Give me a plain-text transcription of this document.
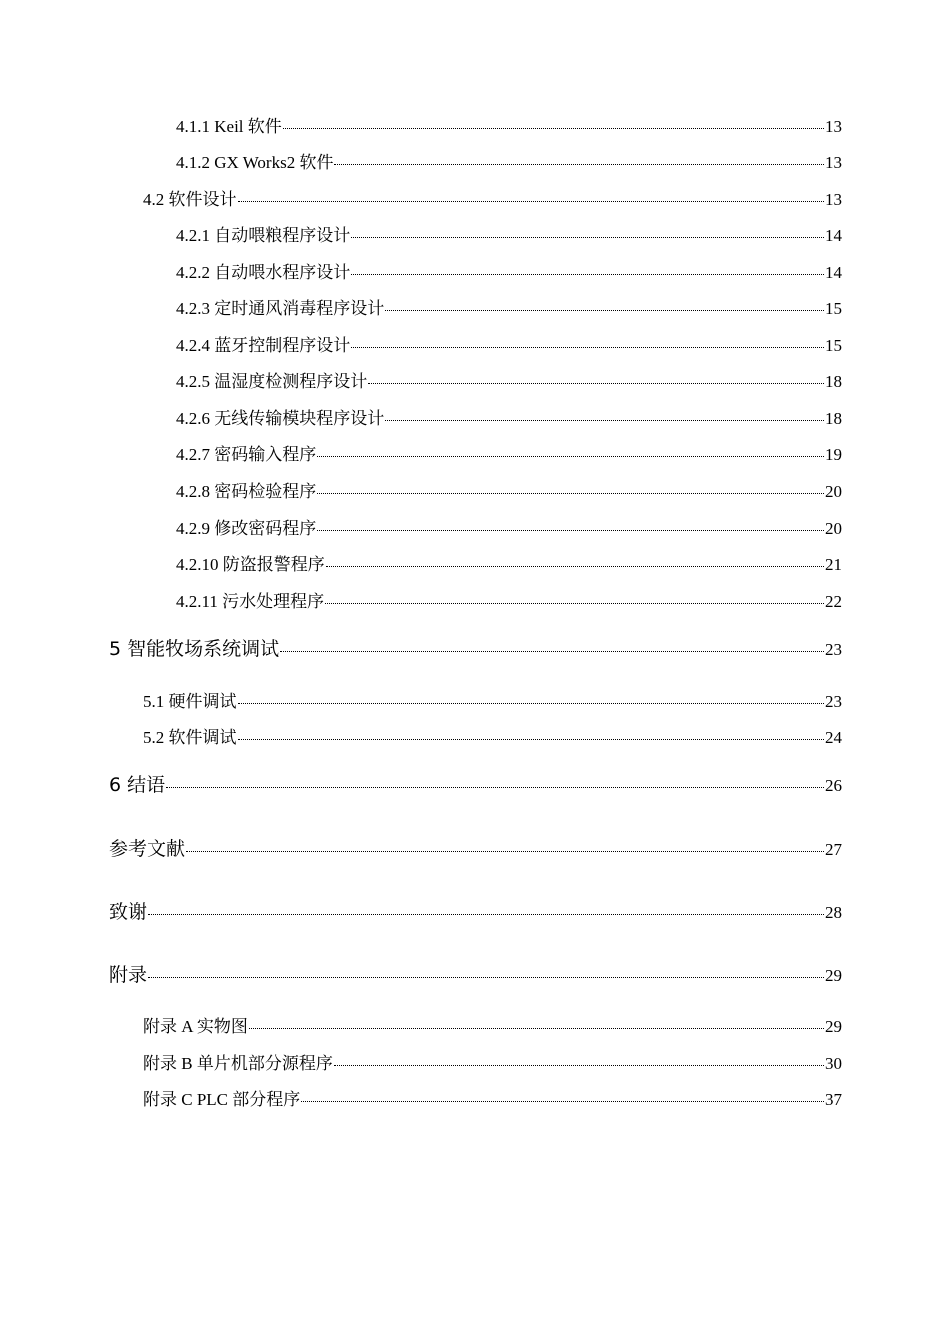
4.1.1 Keil 软件	13
4.1.2 GX Works2 软件	13
4.2 软件设计	13
4.2.1 自动喂粮程序设计	14
4.2.2 自动喂水程序设计	14
4.2.3 定时通风消毒程序设计	15
4.2.4 蓝牙控制程序设计	15
4.2.5 温湿度检测程序设计	18
4.2.6 无线传输模块程序设计	18
4.2.7 密码输入程序	19
4.2.8 密码检验程序	20
4.2.9 修改密码程序	20
4.2.10 防盗报警程序	21
4.2.11 污水处理程序	22
5 智能牧场系统调试	23
5.1 硬件调试	23
5.2 软件调试	24
6 结语	26
参考文献	27
致谢	28
附录	29
附录 A 实物图	29
附录 B 单片机部分源程序	30
附录 C PLC 部分程序	37
